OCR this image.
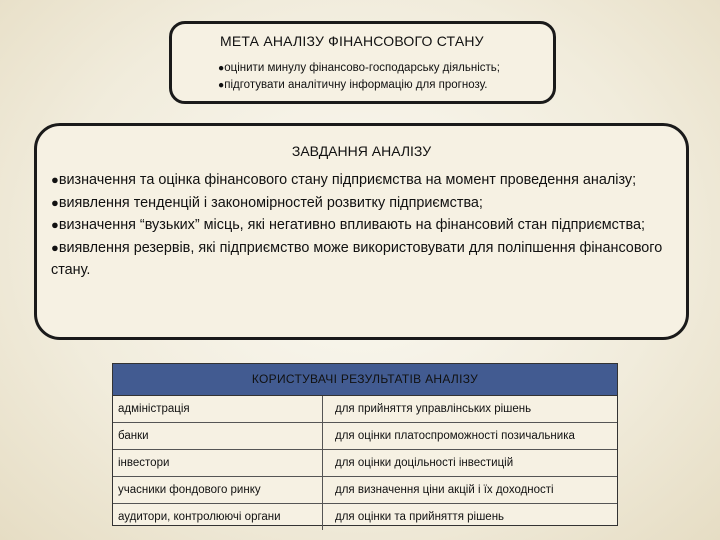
МЕТА АНАЛІЗУ ФІНАНСОВОГО СТАНУ
●оцінити минулу фінансово-господарську діяльність;
●підготувати аналітичну інформацію для прогнозу.
ЗАВДАННЯ АНАЛІЗУ
●визначення та оцінка фінансового стану підприємства на момент проведення аналізу;
●виявлення тенденцій і закономірностей розвитку підприємства;
●визначення “вузьких” місць, які негативно впливають на фінансовий стан підприємства;
●виявлення резервів, які підприємство може використовувати для поліпшення фінансового стану.
КОРИСТУВАЧІ РЕЗУЛЬТАТІВ АНАЛІЗУ
адміністрація	для прийняття управлінських рішень
банки	для оцінки платоспроможності позичальника
інвестори	для оцінки доцільності інвестицій
учасники фондового ринку	для визначення ціни акцій і їх доходності
аудитори, контролюючі органи	для оцінки та прийняття рішень
